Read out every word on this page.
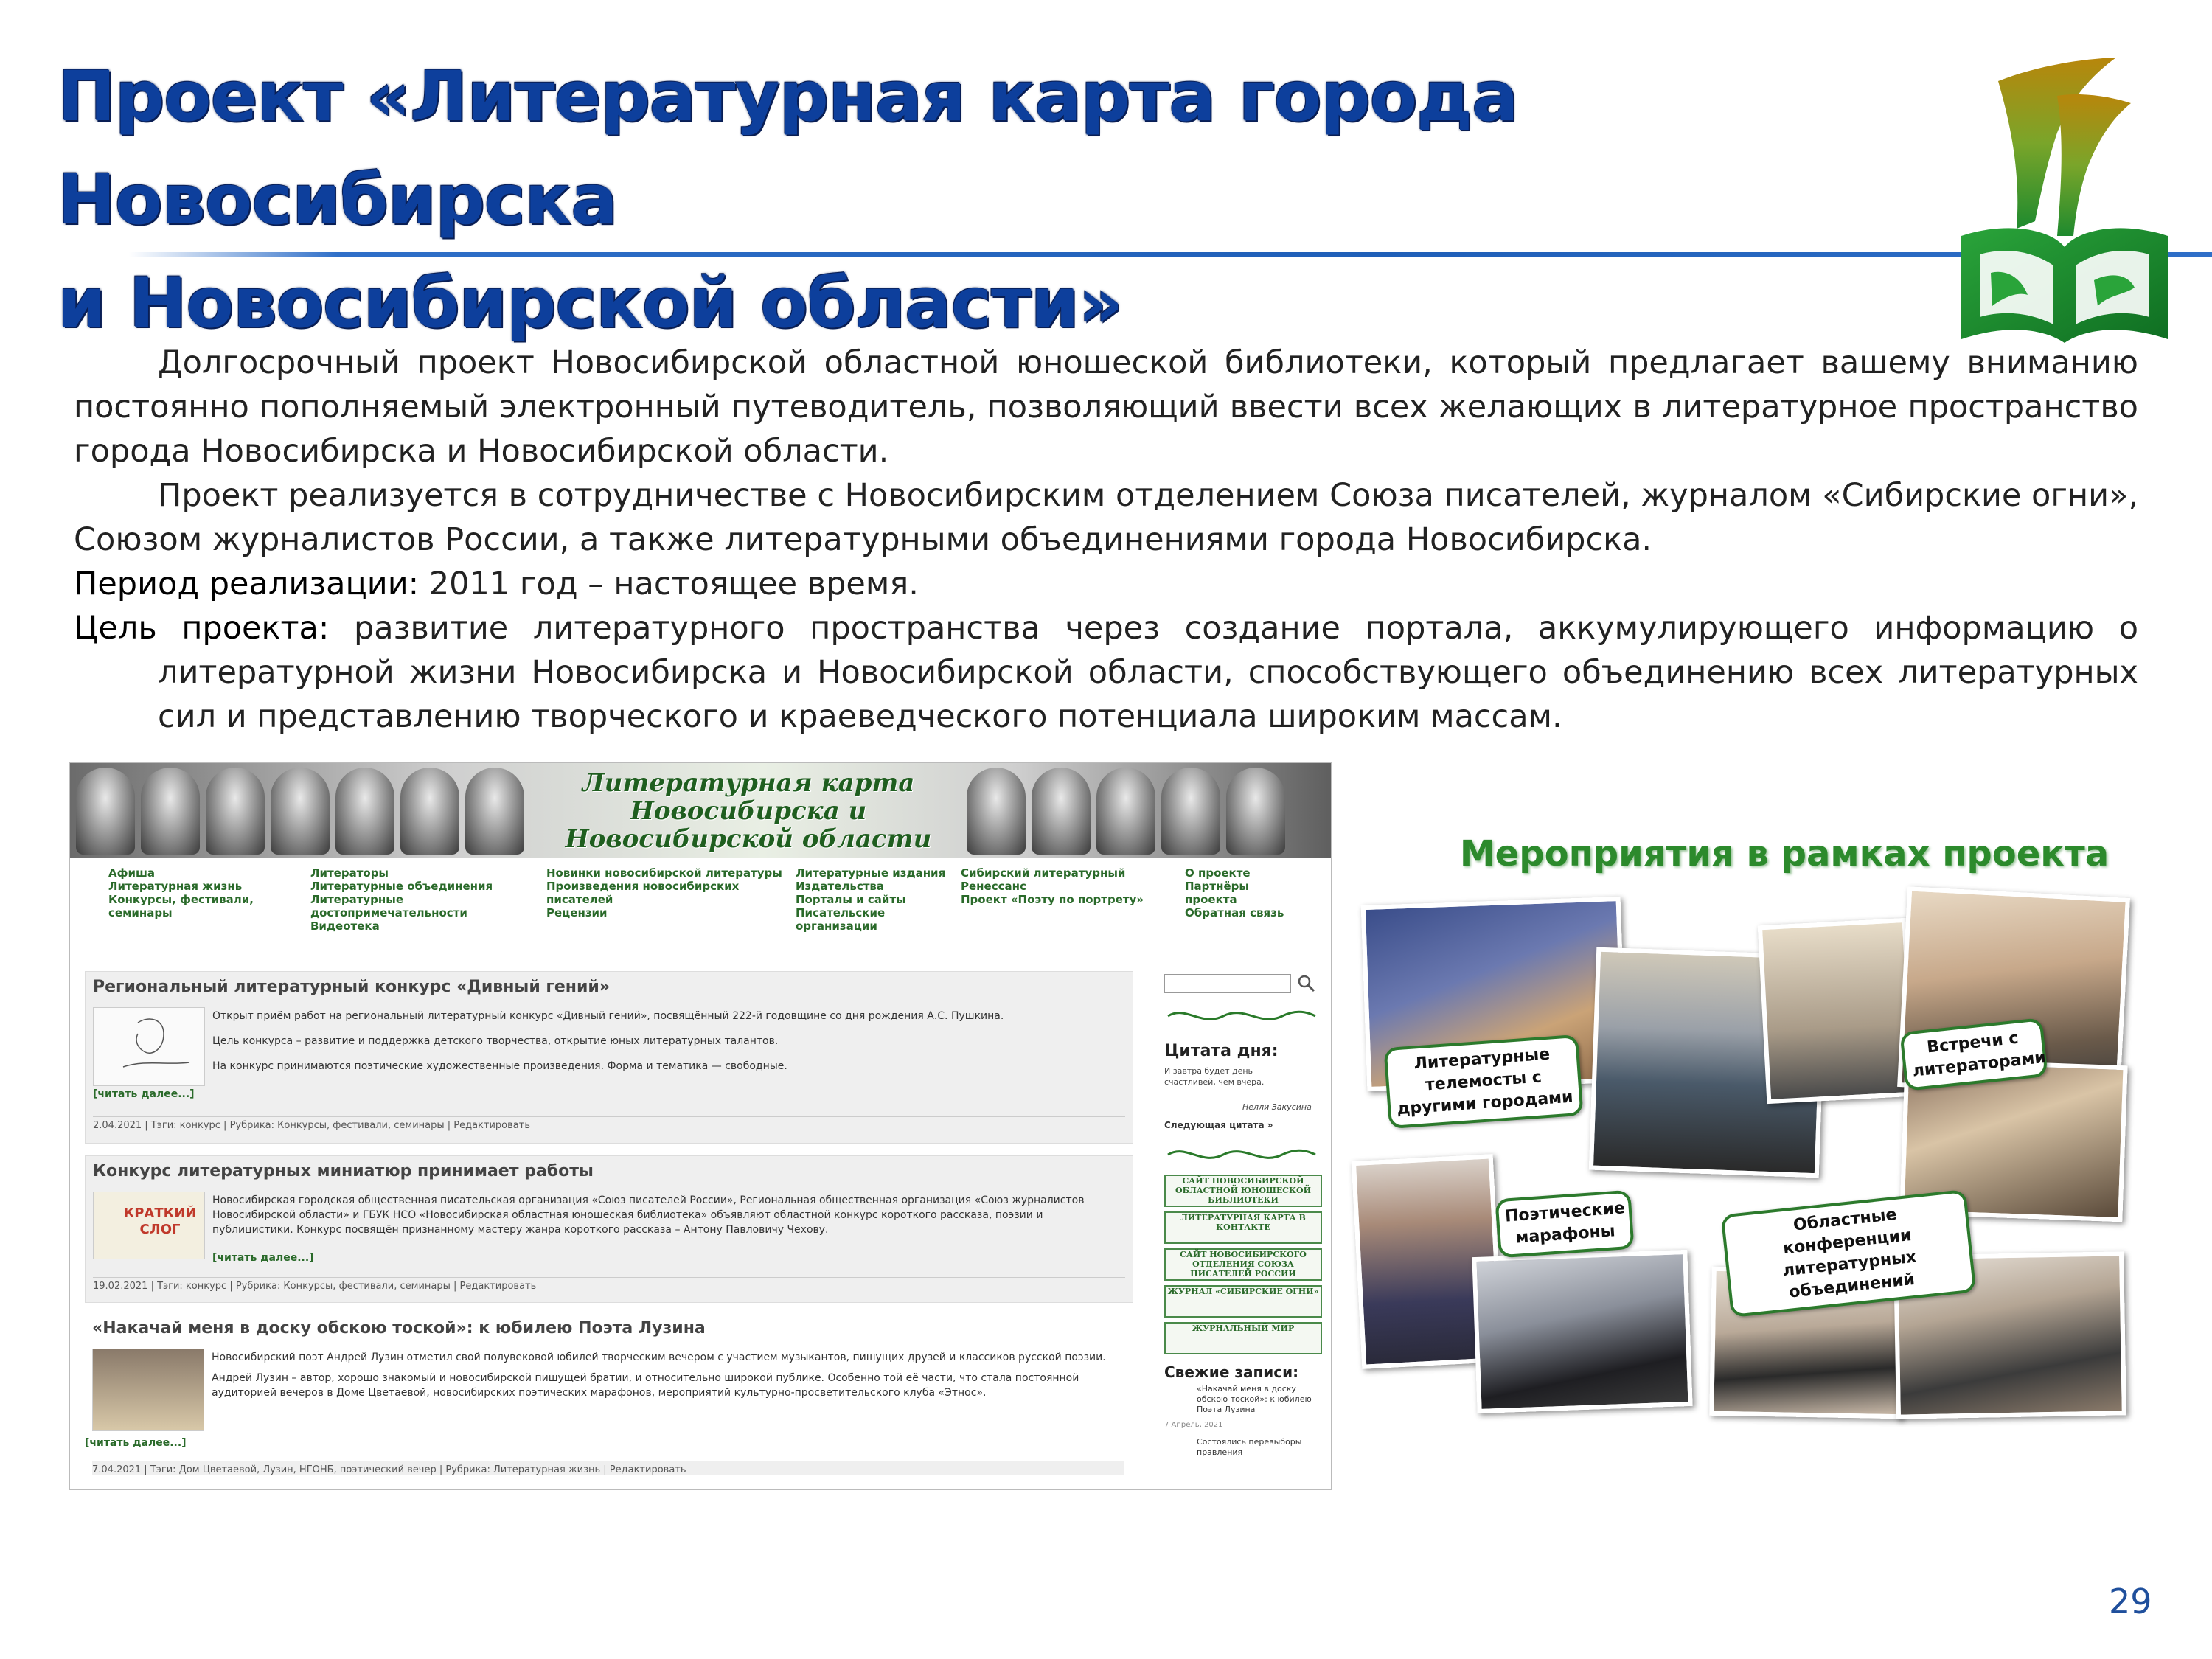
Проект «Литературная карта города Новосибирска
и Новосибирской области»

Долгосрочный проект Новосибирской областной юношеской библиотеки, который предлагает вашему вниманию постоянно пополняемый электронный путеводитель, позволяющий ввести всех желающих в литературное пространство города Новосибирска и Новосибирской области.

Проект реализуется в сотрудничестве с Новосибирским отделением Союза писателей, журналом «Сибирские огни», Союзом журналистов России, а также литературными объединениями города Новосибирска.

Период реализации: 2011 год – настоящее время.

Цель проекта: развитие литературного пространства через создание портала, аккумулирующего информацию о литературной жизни Новосибирска и Новосибирской области, способствующего объединению всех литературных сил и представлению творческого и краеведческого потенциала широким массам.

Литературная карта
Новосибирска и
Новосибирской области
Афиша
Литературная жизнь
Конкурсы, фестивали,
семинары
Литераторы
Литературные объединения
Литературные
достопримечательности
Видеотека
Новинки новосибирской литературы
Произведения новосибирских
писателей
Рецензии
Литературные издания
Издательства
Порталы и сайты
Писательские
организации
Сибирский литературный
Ренессанс
Проект «Поэту по портрету»
О проекте
Партнёры
проекта
Обратная связь
Региональный литературный конкурс «Дивный гений»
Открыт приём работ на региональный литературный конкурс «Дивный гений», посвящённый 222-й годовщине со дня рождения А.С. Пушкина.
Цель конкурса – развитие и поддержка детского творчества, открытие юных литературных талантов.
На конкурс принимаются поэтические художественные произведения. Форма и тематика — свободные.
[читать далее...]
2.04.2021 | Тэги: конкурс | Рубрика: Конкурсы, фестивали, семинары | Редактировать
Конкурс литературных миниатюр принимает работы
КРАТКИЙ СЛОГ
Новосибирская городская общественная писательская организация «Союз писателей России», Региональная общественная организация «Союз журналистов Новосибирской области» и ГБУК НСО «Новосибирская областная юношеская библиотека» объявляют областной конкурс короткого рассказа, поэзии и публицистики. Конкурс посвящён признанному мастеру жанра короткого рассказа – Антону Павловичу Чехову.
[читать далее...]
19.02.2021 | Тэги: конкурс | Рубрика: Конкурсы, фестивали, семинары | Редактировать
«Накачай меня в доску обскою тоской»: к юбилею Поэта Лузина
Новосибирский поэт Андрей Лузин отметил свой полувековой юбилей творческим вечером с участием музыкантов, пишущих друзей и классиков русской поэзии.
Андрей Лузин – автор, хорошо знакомый и новосибирской пишущей братии, и относительно широкой публике. Особенно той её части, что стала постоянной аудиторией вечеров в Доме Цветаевой, новосибирских поэтических марафонов, мероприятий культурно-просветительского клуба «Этнос».
[читать далее...]
7.04.2021 | Тэги: Дом Цветаевой, Лузин, НГОНБ, поэтический вечер | Рубрика: Литературная жизнь | Редактировать
Цитата дня:
И завтра будет день счастливей, чем вчера.
Нелли Закусина
Следующая цитата »
САЙТ НОВОСИБИРСКОЙ ОБЛАСТНОЙ ЮНОШЕСКОЙ БИБЛИОТЕКИ
ЛИТЕРАТУРНАЯ КАРТА В КОНТАКТЕ
САЙТ НОВОСИБИРСКОГО ОТДЕЛЕНИЯ СОЮЗА ПИСАТЕЛЕЙ РОССИИ
ЖУРНАЛ «СИБИРСКИЕ ОГНИ»
ЖУРНАЛЬНЫЙ МИР
Свежие записи:
«Накачай меня в доску обскою тоской»: к юбилею Поэта Лузина
7 Апрель, 2021
Состоялись перевыборы правления
Мероприятия в рамках проекта
Литературные телемосты с другими городами
Встречи с литераторами
Поэтические марафоны	Областные конференции литературных объединений
29
